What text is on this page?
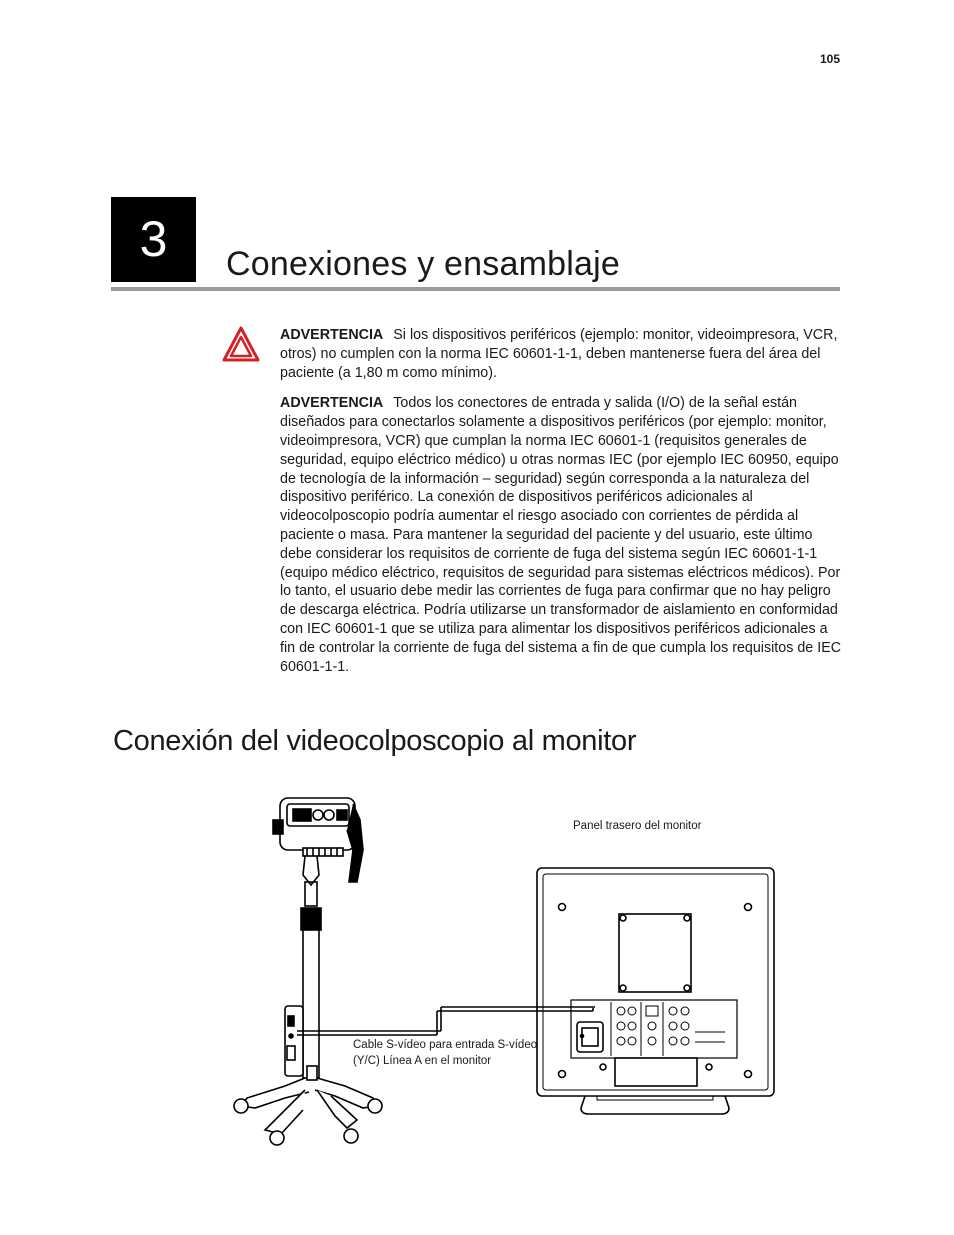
105
3	Conexiones y ensamblaje

ADVERTENCIA Si los dispositivos periféricos (ejemplo: monitor, videoimpresora, VCR, otros) no cumplen con la norma IEC 60601-1-1, deben mantenerse fuera del área del paciente (a 1,80 m como mínimo).

ADVERTENCIA Todos los conectores de entrada y salida (I/O) de la señal están diseñados para conectarlos solamente a dispositivos periféricos (por ejemplo: monitor, videoimpresora, VCR) que cumplan la norma IEC 60601-1 (requisitos generales de seguridad, equipo eléctrico médico) u otras normas IEC (por ejemplo IEC 60950, equipo de tecnología de la información – seguridad) según corresponda a la naturaleza del dispositivo periférico. La conexión de dispositivos periféricos adicionales al videocolposcopio podría aumentar el riesgo asociado con corrientes de pérdida al paciente o masa. Para mantener la seguridad del paciente y del usuario, este último debe considerar los requisitos de corriente de fuga del sistema según IEC 60601-1-1 (equipo médico eléctrico, requisitos de seguridad para sistemas eléctricos médicos). Por lo tanto, el usuario debe medir las corrientes de fuga para confirmar que no hay peligro de descarga eléctrica. Podría utilizarse un transformador de aislamiento en conformidad con IEC 60601-1 que se utiliza para alimentar los dispositivos periféricos adicionales a fin de controlar la corriente de fuga del sistema a fin de que cumpla los requisitos de IEC 60601-1-1.

Conexión del videocolposcopio al monitor
Panel trasero del monitor
Cable S-vídeo para entrada S-vídeo
(Y/C) Línea A en el monitor
